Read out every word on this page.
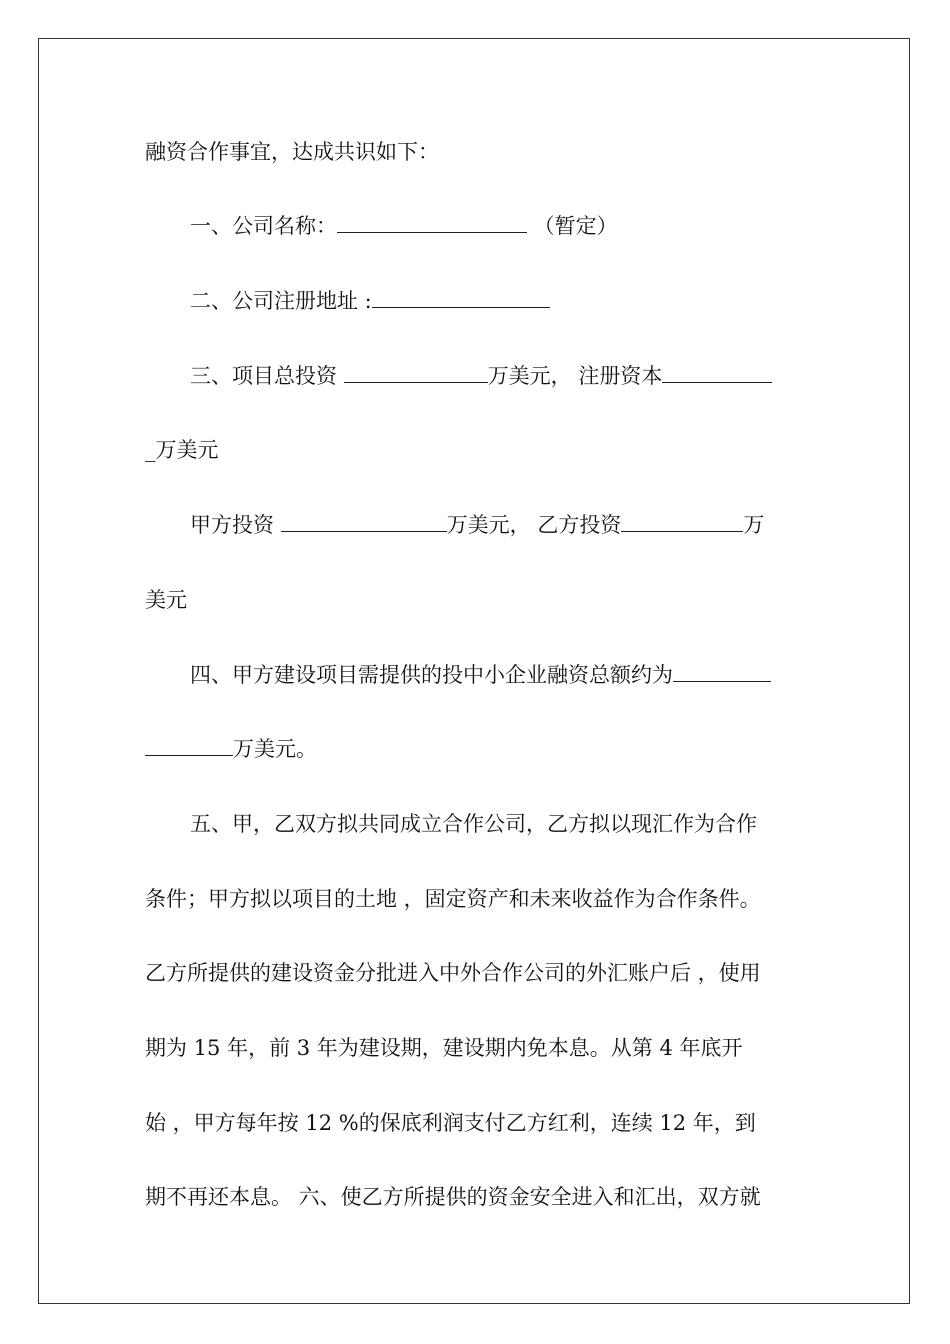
融资合作事宜，达成共识如下：
一、公司名称：	（暂定）
二、公司注册地址 :
三、项目总投资	万美元， 注册资本
_万美元
甲方投资	万美元， 乙方投资	万
美元
四、甲方建设项目需提供的投中小企业融资总额约为
万美元。
五、甲，乙双方拟共同成立合作公司，乙方拟以现汇作为合作
条件；甲方拟以项目的土地 ，固定资产和未来收益作为合作条件。
乙方所提供的建设资金分批进入中外合作公司的外汇账户后 ，使用
期为 15 年，前 3 年为建设期，建设期内免本息。从第 4 年底开
始 ，甲方每年按 12 %的保底利润支付乙方红利，连续 12 年，到
期不再还本息。 六、使乙方所提供的资金安全进入和汇出，双方就
